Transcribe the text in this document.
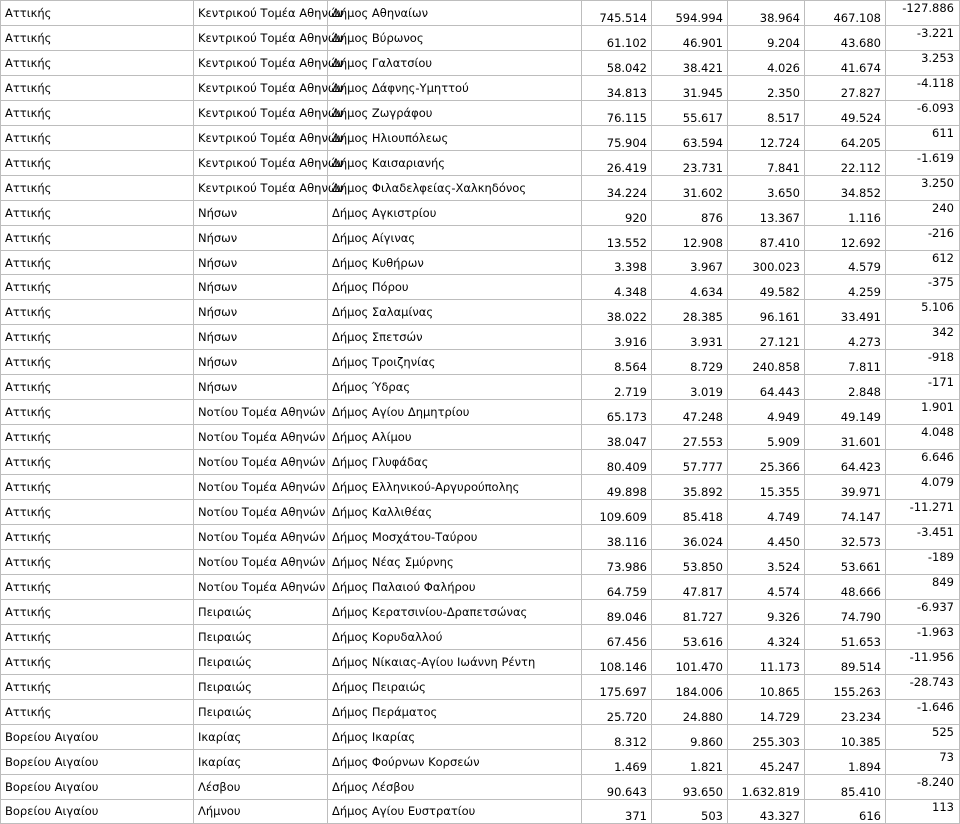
Αττικής	Κεντρικού Τομέα Αθηνών	Δήμος Αθηναίων	745.514	594.994	38.964	467.108	-127.886
Αττικής	Κεντρικού Τομέα Αθηνών	Δήμος Βύρωνος	61.102	46.901	9.204	43.680	-3.221
Αττικής	Κεντρικού Τομέα Αθηνών	Δήμος Γαλατσίου	58.042	38.421	4.026	41.674	3.253
Αττικής	Κεντρικού Τομέα Αθηνών	Δήμος Δάφνης-Υμηττού	34.813	31.945	2.350	27.827	-4.118
Αττικής	Κεντρικού Τομέα Αθηνών	Δήμος Ζωγράφου	76.115	55.617	8.517	49.524	-6.093
Αττικής	Κεντρικού Τομέα Αθηνών	Δήμος Ηλιουπόλεως	75.904	63.594	12.724	64.205	611
Αττικής	Κεντρικού Τομέα Αθηνών	Δήμος Καισαριανής	26.419	23.731	7.841	22.112	-1.619
Αττικής	Κεντρικού Τομέα Αθηνών	Δήμος Φιλαδελφείας-Χαλκηδόνος	34.224	31.602	3.650	34.852	3.250
Αττικής	Νήσων	Δήμος Αγκιστρίου	920	876	13.367	1.116	240
Αττικής	Νήσων	Δήμος Αίγινας	13.552	12.908	87.410	12.692	-216
Αττικής	Νήσων	Δήμος Κυθήρων	3.398	3.967	300.023	4.579	612
Αττικής	Νήσων	Δήμος Πόρου	4.348	4.634	49.582	4.259	-375
Αττικής	Νήσων	Δήμος Σαλαμίνας	38.022	28.385	96.161	33.491	5.106
Αττικής	Νήσων	Δήμος Σπετσών	3.916	3.931	27.121	4.273	342
Αττικής	Νήσων	Δήμος Τροιζηνίας	8.564	8.729	240.858	7.811	-918
Αττικής	Νήσων	Δήμος Ύδρας	2.719	3.019	64.443	2.848	-171
Αττικής	Νοτίου Τομέα Αθηνών	Δήμος Αγίου Δημητρίου	65.173	47.248	4.949	49.149	1.901
Αττικής	Νοτίου Τομέα Αθηνών	Δήμος Αλίμου	38.047	27.553	5.909	31.601	4.048
Αττικής	Νοτίου Τομέα Αθηνών	Δήμος Γλυφάδας	80.409	57.777	25.366	64.423	6.646
Αττικής	Νοτίου Τομέα Αθηνών	Δήμος Ελληνικού-Αργυρούπολης	49.898	35.892	15.355	39.971	4.079
Αττικής	Νοτίου Τομέα Αθηνών	Δήμος Καλλιθέας	109.609	85.418	4.749	74.147	-11.271
Αττικής	Νοτίου Τομέα Αθηνών	Δήμος Μοσχάτου-Ταύρου	38.116	36.024	4.450	32.573	-3.451
Αττικής	Νοτίου Τομέα Αθηνών	Δήμος Νέας Σμύρνης	73.986	53.850	3.524	53.661	-189
Αττικής	Νοτίου Τομέα Αθηνών	Δήμος Παλαιού Φαλήρου	64.759	47.817	4.574	48.666	849
Αττικής	Πειραιώς	Δήμος Κερατσινίου-Δραπετσώνας	89.046	81.727	9.326	74.790	-6.937
Αττικής	Πειραιώς	Δήμος Κορυδαλλού	67.456	53.616	4.324	51.653	-1.963
Αττικής	Πειραιώς	Δήμος Νίκαιας-Αγίου Ιωάννη Ρέντη	108.146	101.470	11.173	89.514	-11.956
Αττικής	Πειραιώς	Δήμος Πειραιώς	175.697	184.006	10.865	155.263	-28.743
Αττικής	Πειραιώς	Δήμος Περάματος	25.720	24.880	14.729	23.234	-1.646
Βορείου Αιγαίου	Ικαρίας	Δήμος Ικαρίας	8.312	9.860	255.303	10.385	525
Βορείου Αιγαίου	Ικαρίας	Δήμος Φούρνων Κορσεών	1.469	1.821	45.247	1.894	73
Βορείου Αιγαίου	Λέσβου	Δήμος Λέσβου	90.643	93.650	1.632.819	85.410	-8.240
Βορείου Αιγαίου	Λήμνου	Δήμος Αγίου Ευστρατίου	371	503	43.327	616	113
